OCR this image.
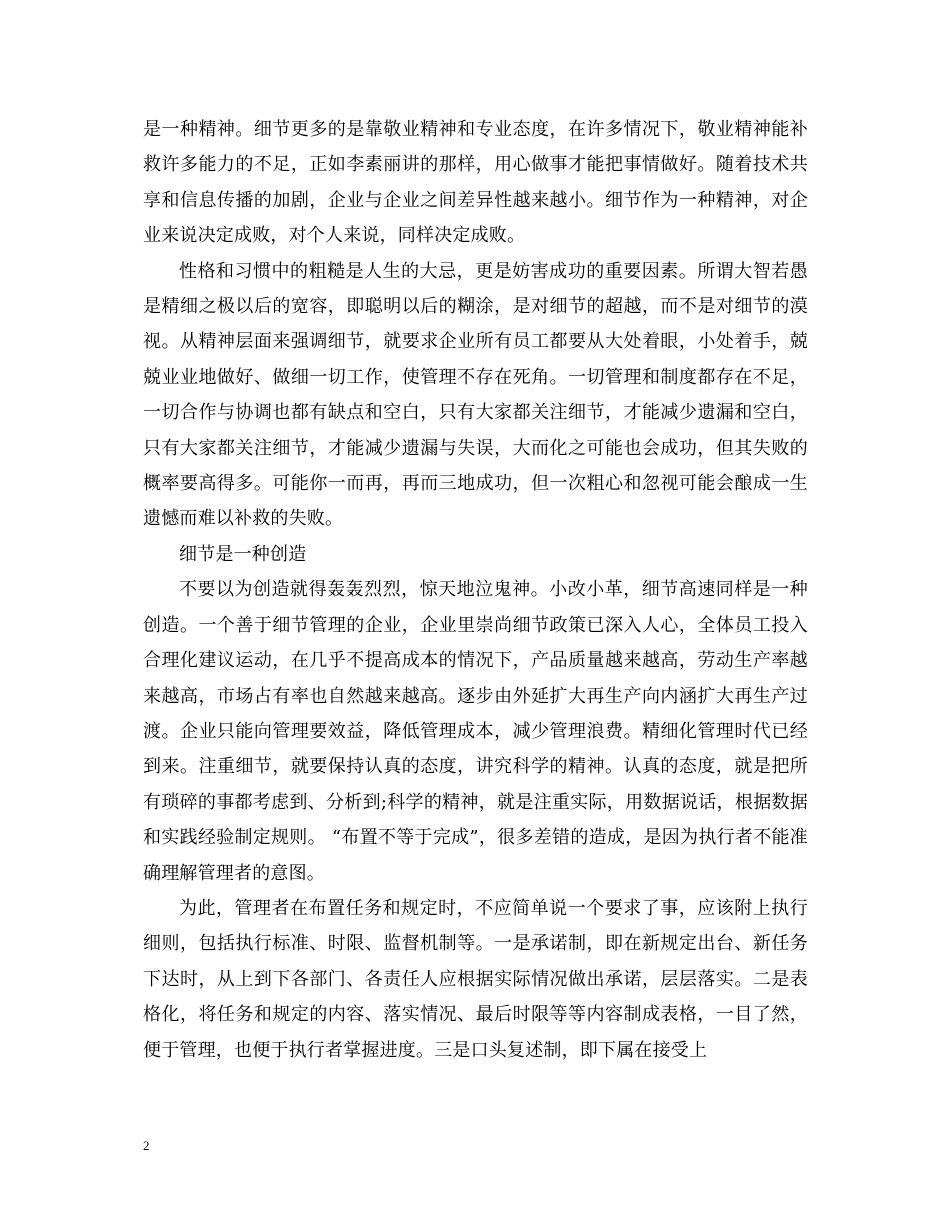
是一种精神。细节更多的是靠敬业精神和专业态度，在许多情况下，敬业精神能补救许多能力的不足，正如李素丽讲的那样，用心做事才能把事情做好。随着技术共享和信息传播的加剧，企业与企业之间差异性越来越小。细节作为一种精神，对企业来说决定成败，对个人来说，同样决定成败。

性格和习惯中的粗糙是人生的大忌，更是妨害成功的重要因素。所谓大智若愚是精细之极以后的宽容，即聪明以后的糊涂，是对细节的超越，而不是对细节的漠视。从精神层面来强调细节，就要求企业所有员工都要从大处着眼，小处着手，兢兢业业地做好、做细一切工作，使管理不存在死角。一切管理和制度都存在不足，一切合作与协调也都有缺点和空白，只有大家都关注细节，才能减少遗漏和空白，只有大家都关注细节，才能减少遗漏与失误，大而化之可能也会成功，但其失败的概率要高得多。可能你一而再，再而三地成功，但一次粗心和忽视可能会酿成一生遗憾而难以补救的失败。

细节是一种创造

不要以为创造就得轰轰烈烈，惊天地泣鬼神。小改小革，细节高速同样是一种创造。一个善于细节管理的企业，企业里崇尚细节政策已深入人心，全体员工投入合理化建议运动，在几乎不提高成本的情况下，产品质量越来越高，劳动生产率越来越高，市场占有率也自然越来越高。逐步由外延扩大再生产向内涵扩大再生产过渡。企业只能向管理要效益，降低管理成本，减少管理浪费。精细化管理时代已经到来。注重细节，就要保持认真的态度，讲究科学的精神。认真的态度，就是把所有琐碎的事都考虑到、分析到;科学的精神，就是注重实际，用数据说话，根据数据和实践经验制定规则。 “布置不等于完成”，很多差错的造成，是因为执行者不能准确理解管理者的意图。

为此，管理者在布置任务和规定时，不应简单说一个要求了事，应该附上执行细则，包括执行标准、时限、监督机制等。一是承诺制，即在新规定出台、新任务下达时，从上到下各部门、各责任人应根据实际情况做出承诺，层层落实。二是表格化，将任务和规定的内容、落实情况、最后时限等等内容制成表格，一目了然，便于管理，也便于执行者掌握进度。三是口头复述制，即下属在接受上

2
